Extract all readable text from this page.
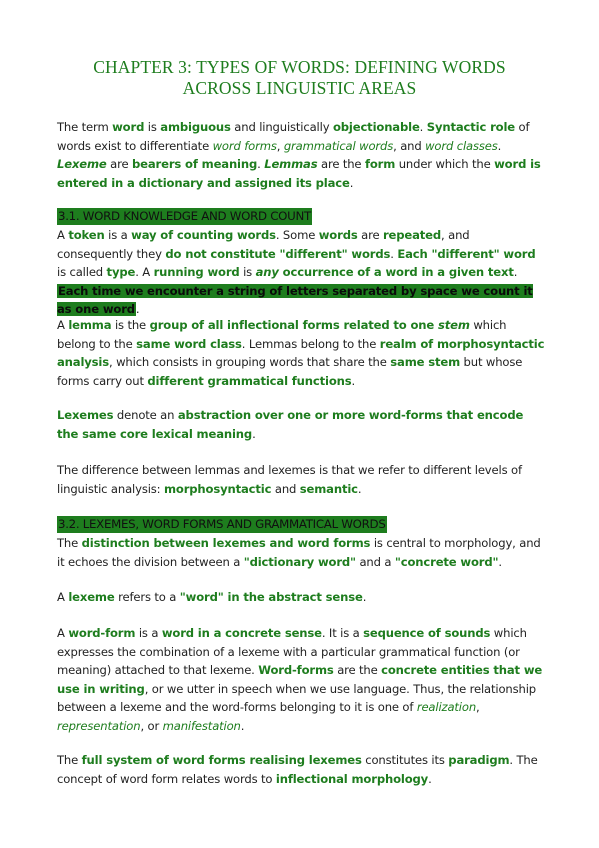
CHAPTER 3: TYPES OF WORDS: DEFINING WORDS
ACROSS LINGUISTIC AREAS
The term word is ambiguous and linguistically objectionable. Syntactic role of words exist to differentiate word forms, grammatical words, and word classes. Lexeme are bearers of meaning. Lemmas are the form under which the word is entered in a dictionary and assigned its place.
3.1. WORD KNOWLEDGE AND WORD COUNT
A token is a way of counting words. Some words are repeated, and consequently they do not constitute "different" words. Each "different" word is called type. A running word is any occurrence of a word in a given text. Each time we encounter a string of letters separated by space we count it as one word.
A lemma is the group of all inflectional forms related to one stem which belong to the same word class. Lemmas belong to the realm of morphosyntactic analysis, which consists in grouping words that share the same stem but whose forms carry out different grammatical functions.
Lexemes denote an abstraction over one or more word-forms that encode the same core lexical meaning.
The difference between lemmas and lexemes is that we refer to different levels of linguistic analysis: morphosyntactic and semantic.
3.2. LEXEMES, WORD FORMS AND GRAMMATICAL WORDS
The distinction between lexemes and word forms is central to morphology, and it echoes the division between a "dictionary word" and a "concrete word".
A lexeme refers to a "word" in the abstract sense.
A word-form is a word in a concrete sense. It is a sequence of sounds which expresses the combination of a lexeme with a particular grammatical function (or meaning) attached to that lexeme. Word-forms are the concrete entities that we use in writing, or we utter in speech when we use language. Thus, the relationship between a lexeme and the word-forms belonging to it is one of realization, representation, or manifestation.
The full system of word forms realising lexemes constitutes its paradigm. The concept of word form relates words to inflectional morphology.
